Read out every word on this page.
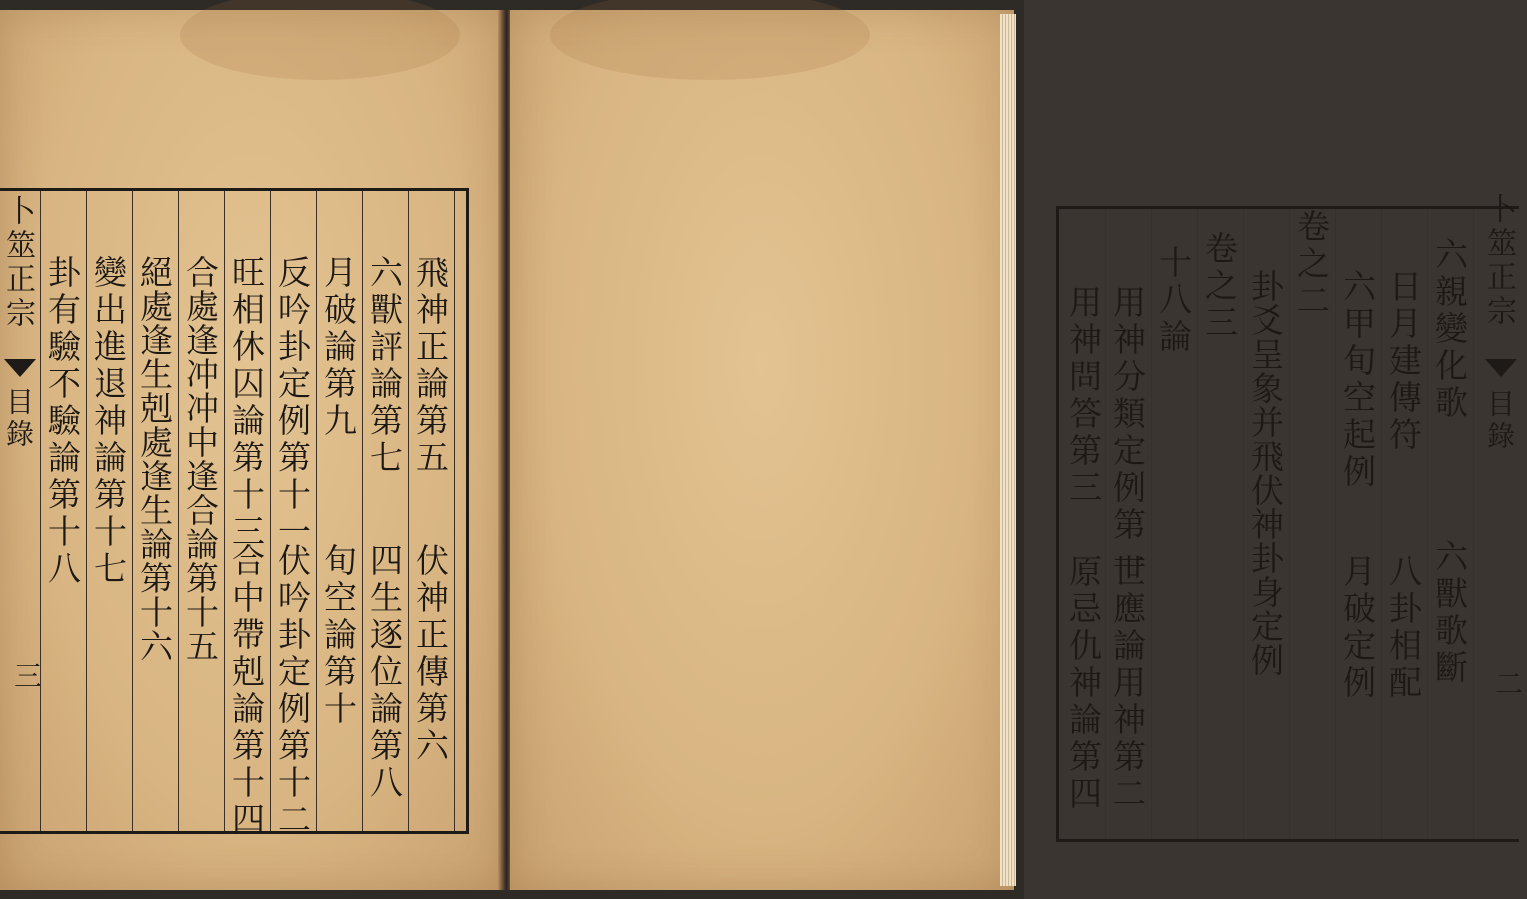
卜筮正宗
目錄
三
飛神正論第五
伏神正傳第六
六獸評論第七
四生逐位論第八
月破論第九
旬空論第十
反吟卦定例第十一
伏吟卦定例第十二
旺相休囚論第十三
合中帶剋論第十四
合處逢冲冲中逢合論第十五
絕處逢生剋處逢生論第十六
變出進退神論第十七
卦有驗不驗論第十八	卜筮正宗
目錄
二
六親變化歌
六獸歌斷
日月建傳符
八卦相配
六甲旬空起例
月破定例
卷之二
卦爻呈象并飛伏神卦身定例
卷之三
十八論
用神分類定例第一
世應論用神第二
用神問答第三
原忌仇神論第四
